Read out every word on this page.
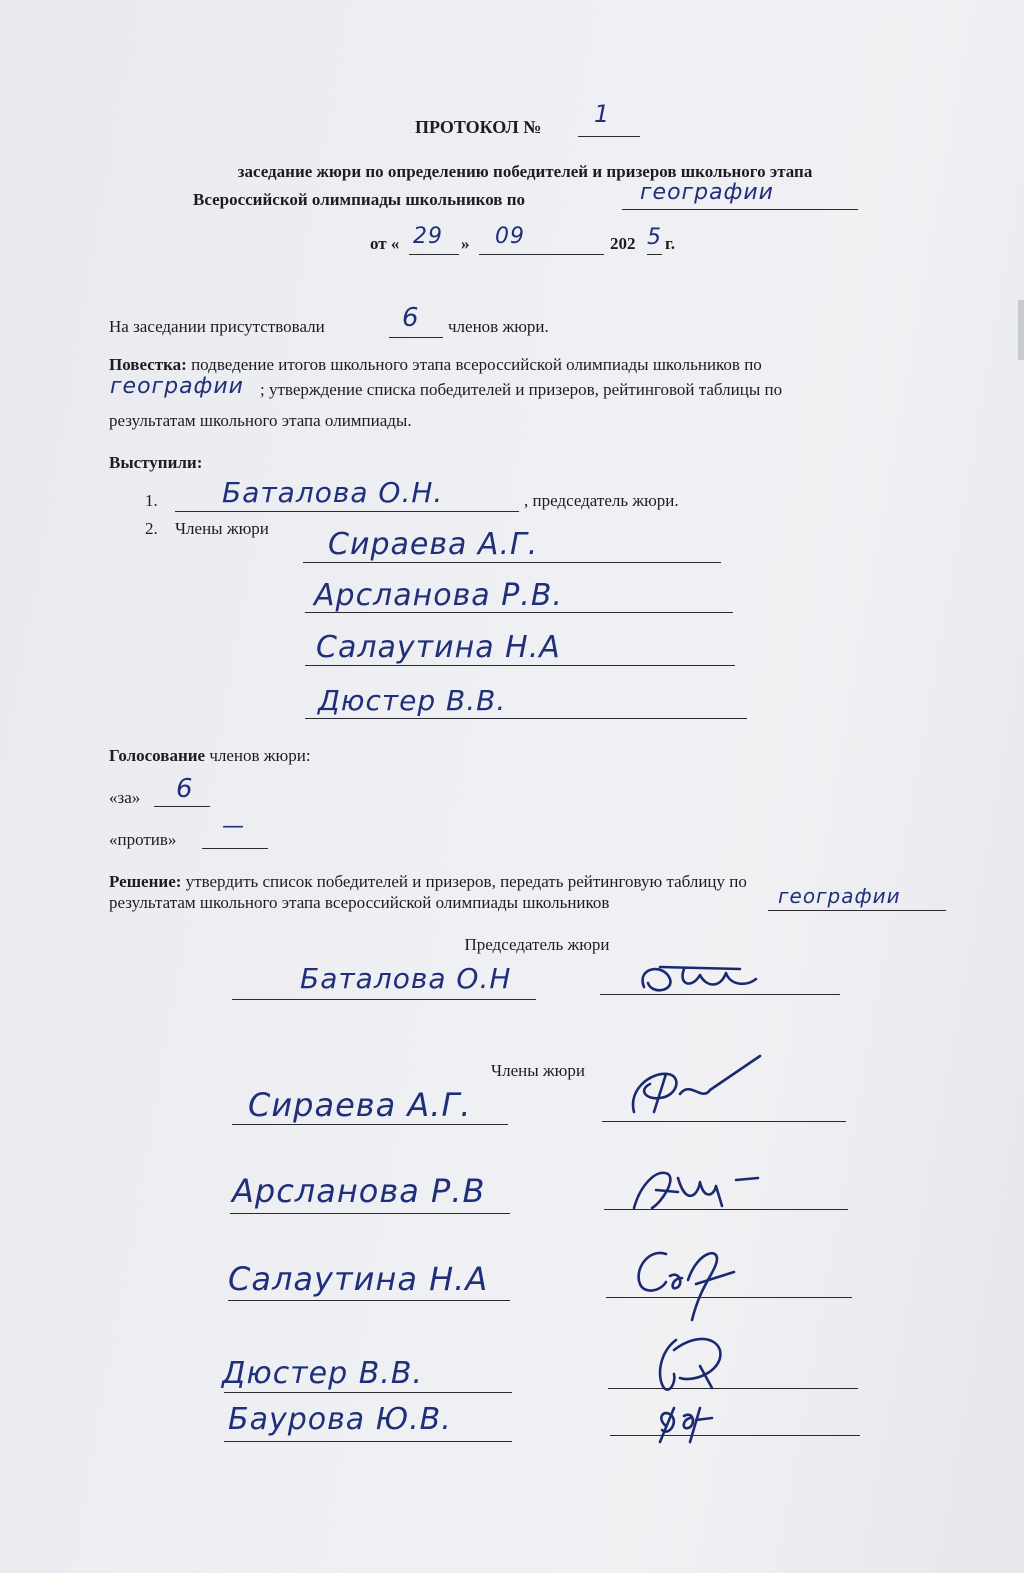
ПРОТОКОЛ № 1
заседание жюри по определению победителей и призеров школьного этапа
Всероссийской олимпиады школьников по	географии
от « 29 » 09	202 5 г.
На заседании присутствовали	6 членов жюри.
Повестка: подведение итогов школьного этапа всероссийской олимпиады школьников по
географии ; утверждение списка победителей и призеров, рейтинговой таблицы по
результатам школьного этапа олимпиады.
Выступили:
1. Баталова О.Н.	, председатель жюри.
2. Члены жюри Сираева А.Г.
Арсланова Р.В.
Салаутина Н.А
Дюстер В.В.
Голосование членов жюри:
«за» 6
«против»
—
Решение: утвердить список победителей и призеров, передать рейтинговую таблицу по
результатам школьного этапа всероссийской олимпиады школьников	географии
Председатель жюри
Баталова О.Н
Члены жюри
Сираева А.Г.
Арсланова Р.В
Салаутина Н.А
Дюстер В.В.
Баурова Ю.В.
